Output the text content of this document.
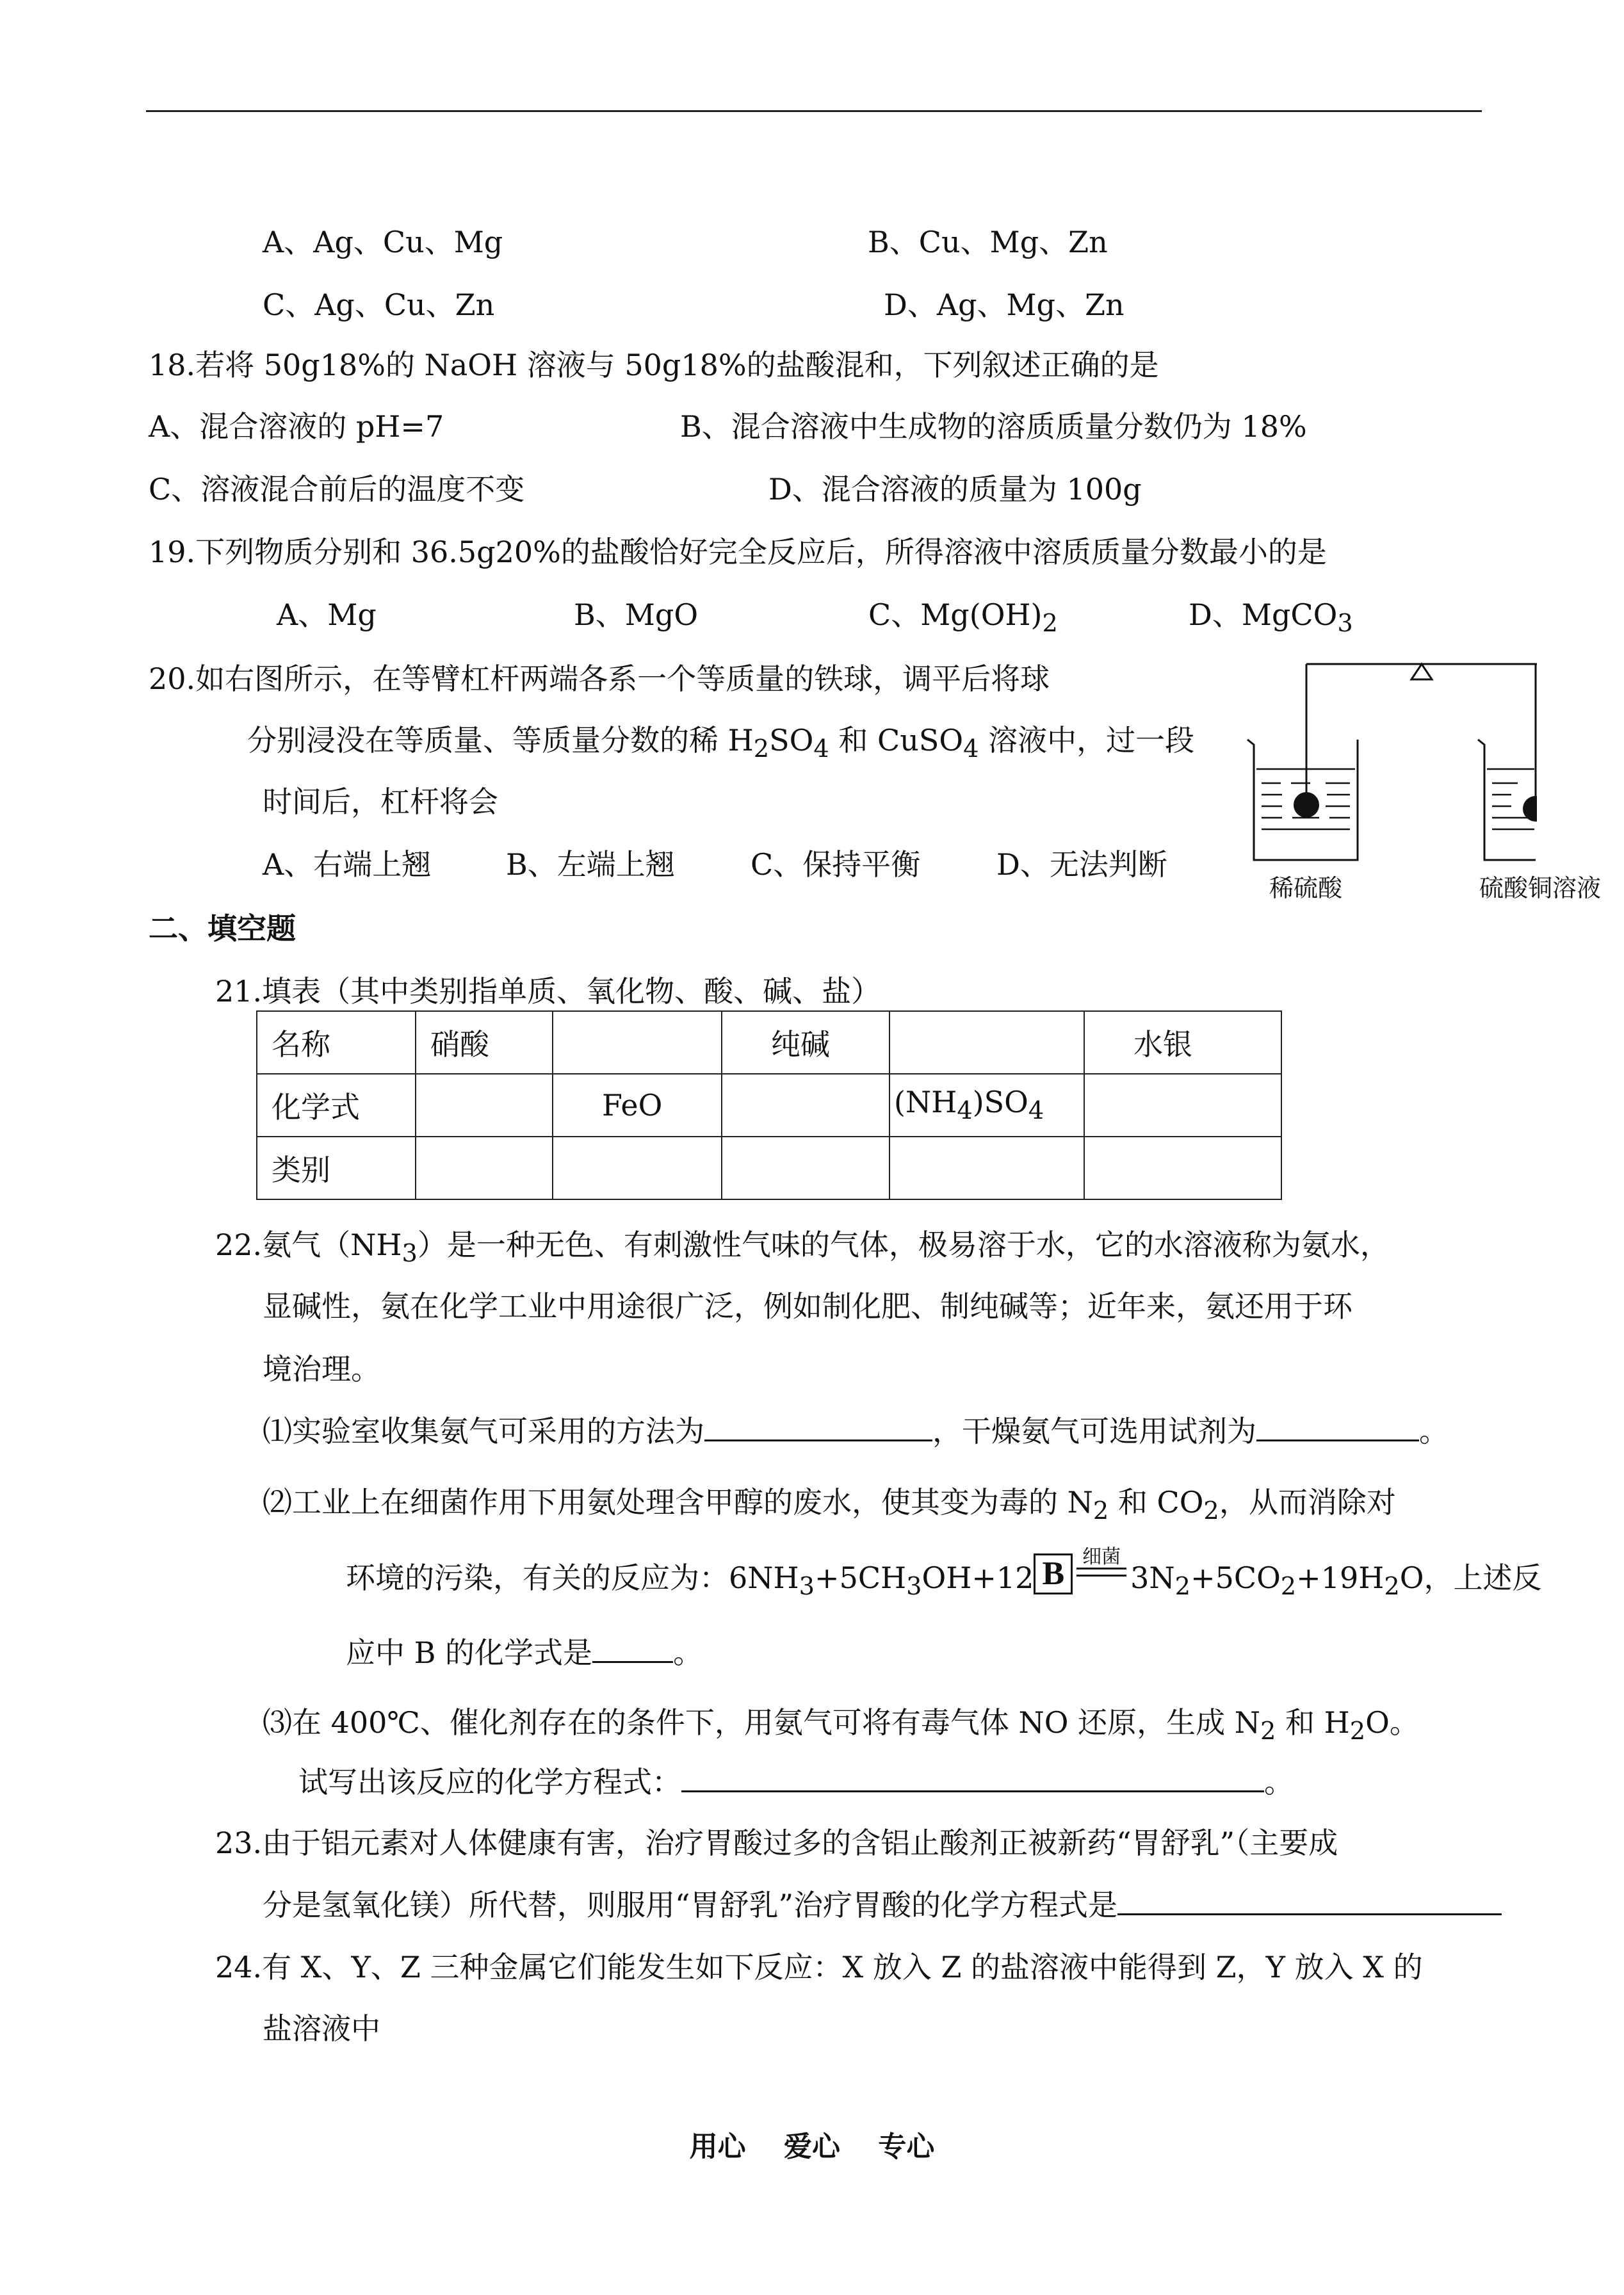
A、Ag、Cu、Mg	B、Cu、Mg、Zn
C、Ag、Cu、Zn	D、Ag、Mg、Zn
18.若将 50g18%的 NaOH 溶液与 50g18%的盐酸混和，下列叙述正确的是
A、混合溶液的 pH=7	B、混合溶液中生成物的溶质质量分数仍为 18%
C、溶液混合前后的温度不变	D、混合溶液的质量为 100g
19.下列物质分别和 36.5g20%的盐酸恰好完全反应后，所得溶液中溶质质量分数最小的是
A、Mg	B、MgO	C、$Mg(OH)_2$	D、MgCO$_3$
20.如右图所示，在等臂杠杆两端各系一个等质量的铁球，调平后将球
分别浸没在等质量、等质量分数的稀 $H_2SO_4$ 和 CuSO$_4$ 溶液中，过一段
时间后，杠杆将会
A、右端上翘	B、左端上翘	C、保持平衡	D、无法判断
稀硫酸	硫酸铜溶液
二、填空题
21.填表（其中类别指单质、氧化物、酸、碱、盐）
名称	硝酸		纯碱		水银
化学式		FeO		$(NH_4)SO_4$	
类别					
22.氨气$(NH_3)$是一种无色、有刺激性气味的气体，极易溶于水，它的水溶液称为氨水，
显碱性，氨在化学工业中用途很广泛，例如制化肥、制纯碱等；近年来，氨还用于环
境治理。
⑴实验室收集氨气可采用的方法为	，干燥氨气可选用试剂为	。
⑵工业上在细菌作用下用氨处理含甲醇的废水，使其变为毒的 $N_2$ 和 $CO_2$，从而消除对
环境的污染，有关的反应为：$6NH_3+5CH_3OH+12$ B 细菌
$3N_2+5CO_2+19H_2O$，上述反
应中 B 的化学式是	。
⑶在 400℃、催化剂存在的条件下，用氨气可将有毒气体 NO 还原，生成 $N_2$ 和 $H_2O$。
试写出该反应的化学方程式：	。
23.由于铝元素对人体健康有害，治疗胃酸过多的含铝止酸剂正被新药“胃舒乳”（主要成
分是氢氧化镁）所代替，则服用“胃舒乳”治疗胃酸的化学方程式是
24.有 X、Y、Z 三种金属它们能发生如下反应：X 放入 Z 的盐溶液中能得到 Z，Y 放入 X 的
盐溶液中
用心 爱心 专心
